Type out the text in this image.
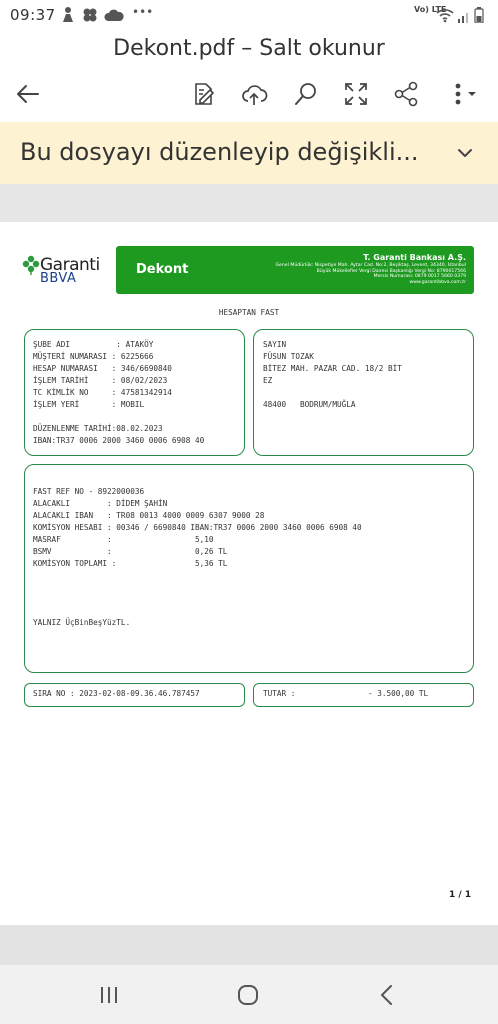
09:37	•••	Vo) LTE
Dekont.pdf – Salt okunur
Bu dosyayı düzenleyip değişikli...
Garanti
BBVA
Dekont
T. Garanti Bankası A.Ş.
Genel Müdürlük: Nispetiye Mah. Aytar Cad. No:2, Beşiktaş, Levent, 34340, İstanbul
Büyük Mükellefler Vergi Dairesi Başkanlığı Vergi No: 8790017566
Mersis Numarası: 0879 0017 5660 0379
www.garantibbva.com.tr
HESAPTAN FAST
ŞUBE ADI          : ATAKÖY
MÜŞTERİ NUMARASI : 6225666
HESAP NUMARASI   : 346/6690840
İŞLEM TARİHİ     : 08/02/2023
TC KİMLİK NO     : 47581342914
İŞLEM YERİ       : MOBIL

DÜZENLENME TARİHİ:08.02.2023
IBAN:TR37 0006 2000 3460 0006 6908 40
SAYIN
FÜSUN TOZAK
BİTEZ MAH. PAZAR CAD. 18/2 BİT
EZ

48400   BODRUM/MUĞLA
FAST REF NO - 8922000036
ALACAKLI        : DİDEM ŞAHİN
ALACAKLI IBAN   : TR08 0013 4000 0009 6307 9000 28
KOMİSYON HESABI : 00346 / 6690840 IBAN:TR37 0006 2000 3460 0006 6908 40
MASRAF          :                  5,10
BSMV            :                  0,26 TL
KOMİSYON TOPLAMI :                 5,36 TL
YALNIZ ÜçBinBeşYüzTL.
SIRA NO : 2023-02-08-09.36.46.787457	TUTAR :	- 3.500,00 TL
1 / 1
